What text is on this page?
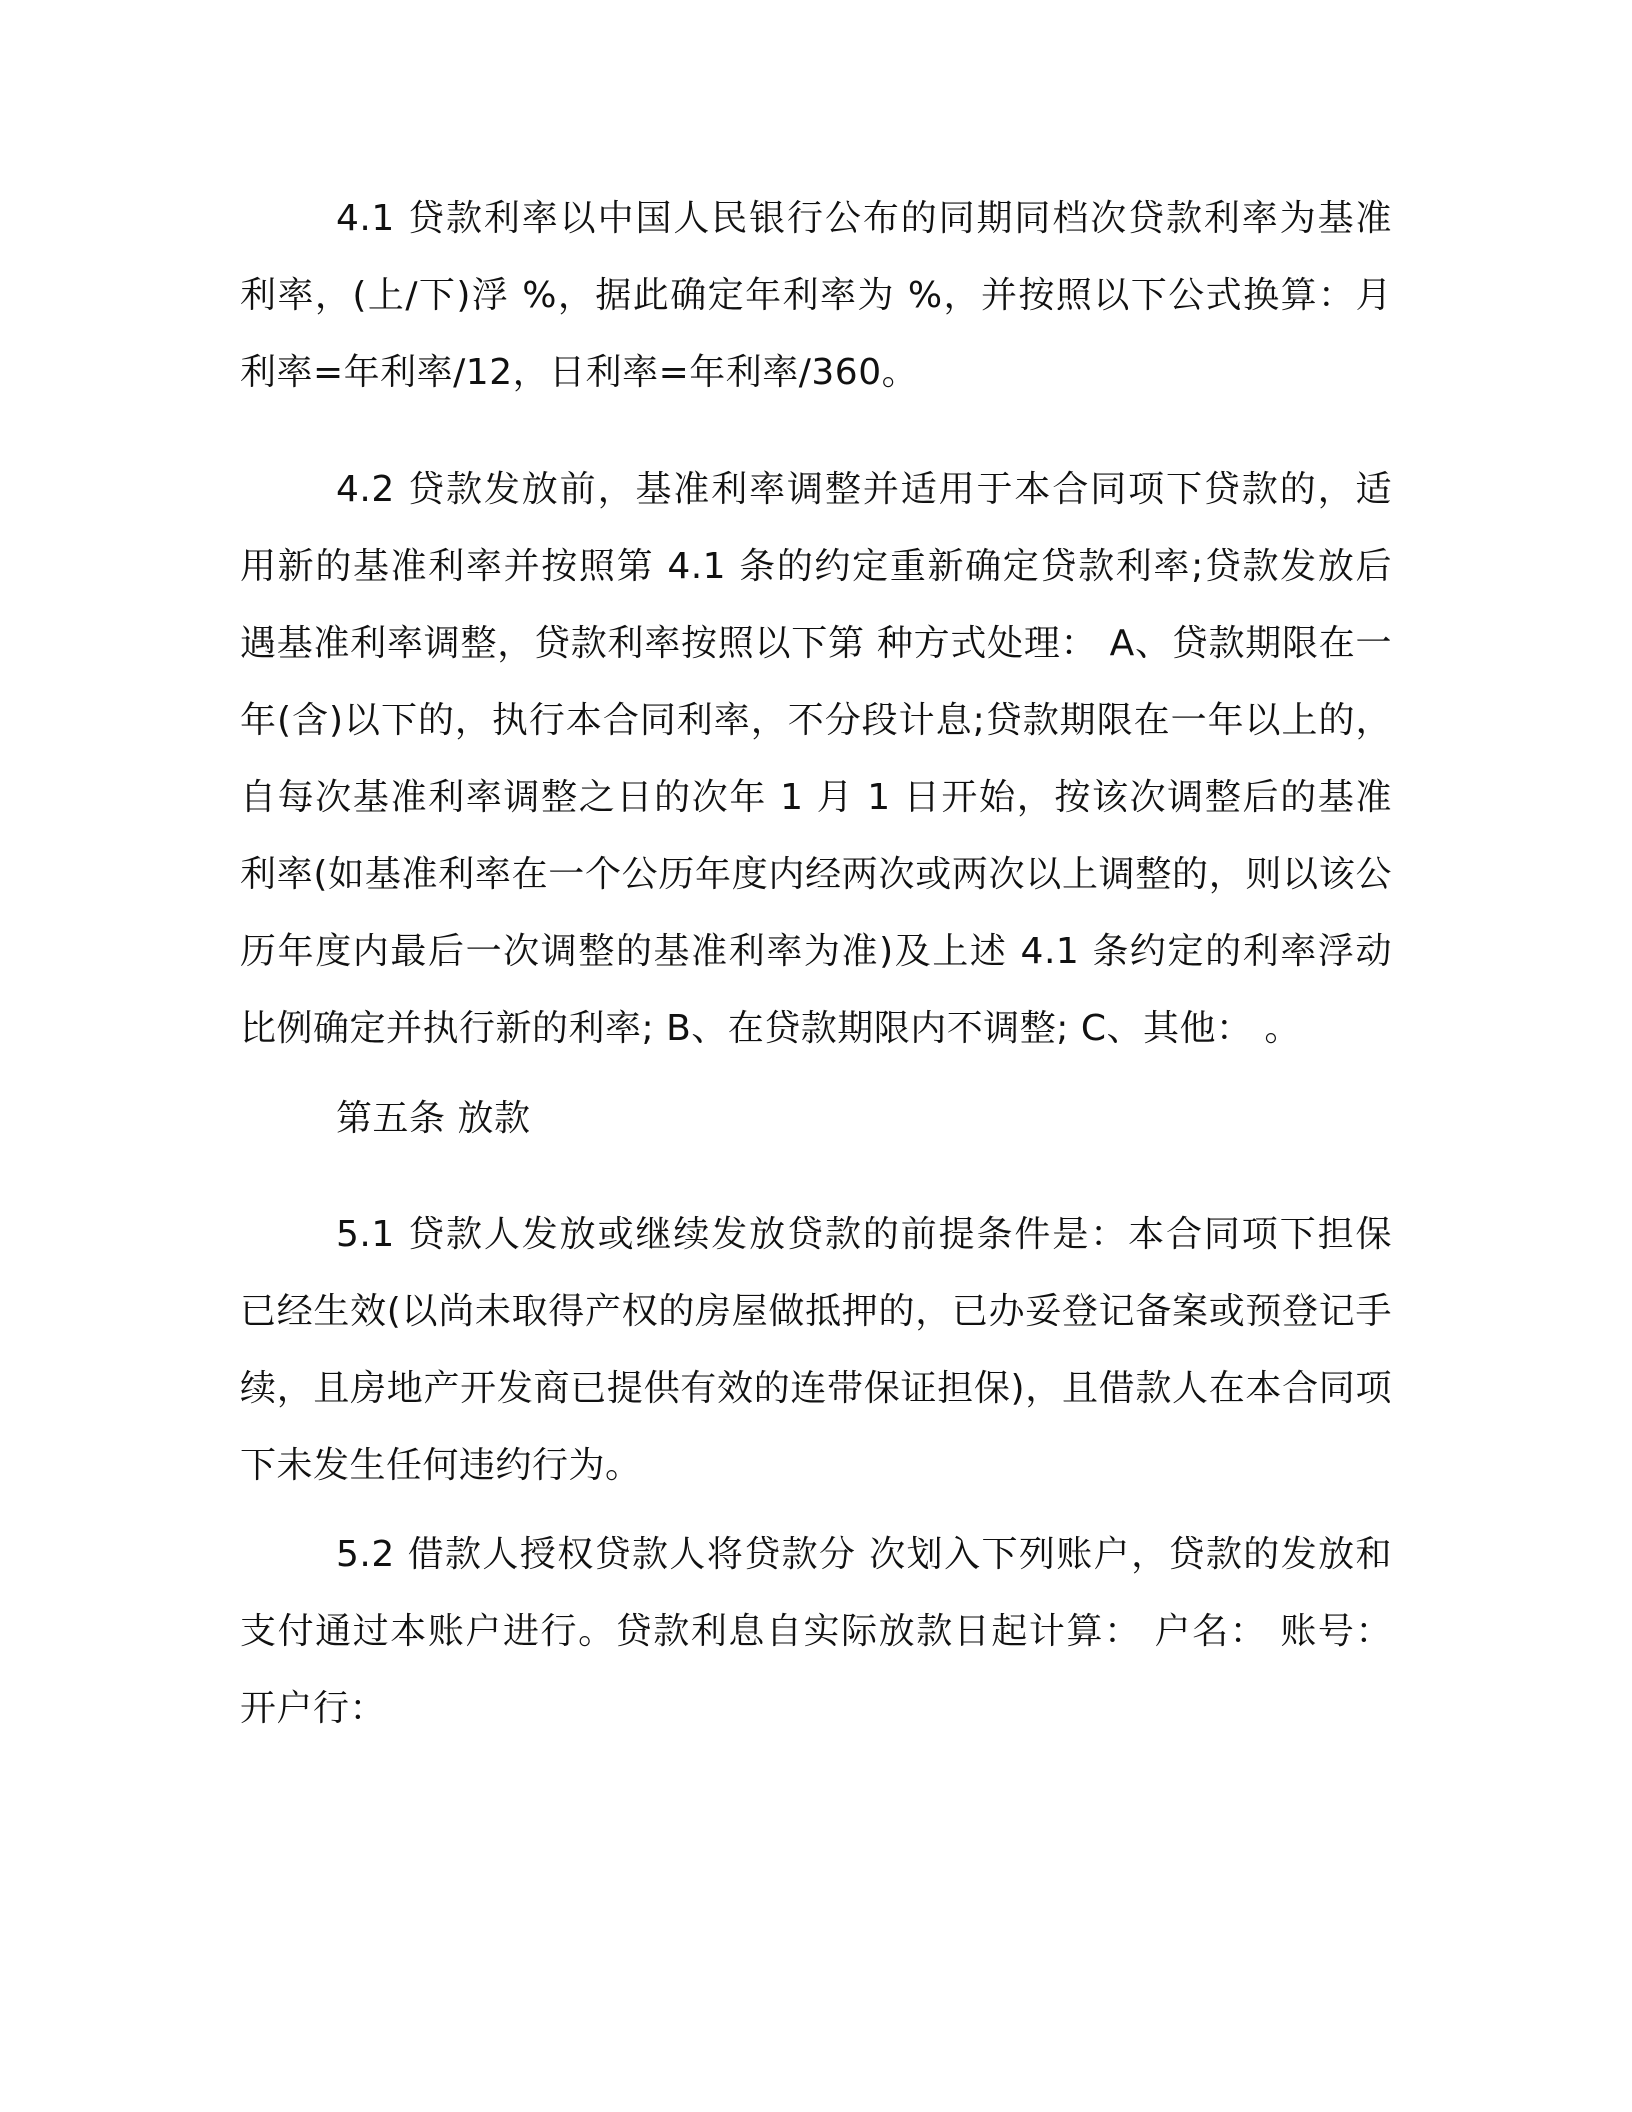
4.1 贷款利率以中国人民银行公布的同期同档次贷款利率为基准利率，(上/下)浮 %，据此确定年利率为 %，并按照以下公式换算：月利率=年利率/12，日利率=年利率/360。

4.2 贷款发放前，基准利率调整并适用于本合同项下贷款的，适用新的基准利率并按照第 4.1 条的约定重新确定贷款利率;贷款发放后遇基准利率调整，贷款利率按照以下第 种方式处理： A、贷款期限在一年(含)以下的，执行本合同利率，不分段计息;贷款期限在一年以上的，自每次基准利率调整之日的次年 1 月 1 日开始，按该次调整后的基准利率(如基准利率在一个公历年度内经两次或两次以上调整的，则以该公历年度内最后一次调整的基准利率为准)及上述 4.1 条约定的利率浮动比例确定并执行新的利率; B、在贷款期限内不调整; C、其他： 。

第五条 放款

5.1 贷款人发放或继续发放贷款的前提条件是：本合同项下担保已经生效(以尚未取得产权的房屋做抵押的，已办妥登记备案或预登记手续，且房地产开发商已提供有效的连带保证担保)，且借款人在本合同项下未发生任何违约行为。

5.2 借款人授权贷款人将贷款分 次划入下列账户，贷款的发放和支付通过本账户进行。贷款利息自实际放款日起计算： 户名： 账号： 开户行：
